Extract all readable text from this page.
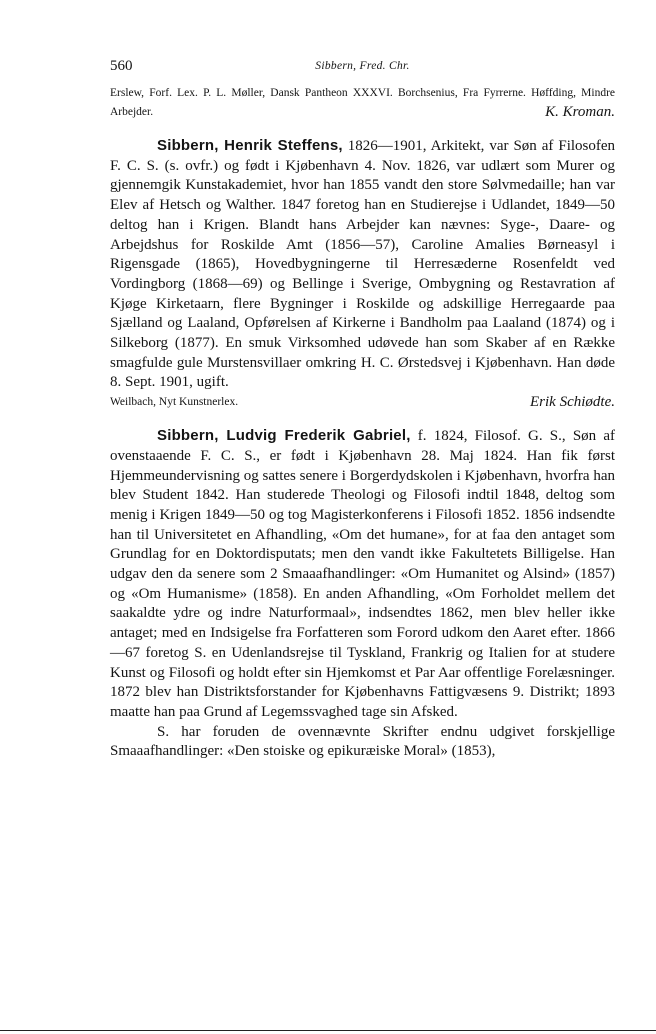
560	Sibbern, Fred. Chr.
Erslew, Forf. Lex. P. L. Møller, Dansk Pantheon XXXVI. Borchsenius, Fra Fyrrerne. Høffding, Mindre Arbejder.	K. Kroman.

Sibbern, Henrik Steffens, 1826—1901, Arkitekt, var Søn af Filosofen F. C. S. (s. ovfr.) og født i Kjøbenhavn 4. Nov. 1826, var udlært som Murer og gjennemgik Kunstakademiet, hvor han 1855 vandt den store Sølvmedaille; han var Elev af Hetsch og Walther. 1847 foretog han en Studierejse i Udlandet, 1849—50 deltog han i Krigen. Blandt hans Arbejder kan nævnes: Syge-, Daare- og Arbejdshus for Roskilde Amt (1856—57), Caroline Amalies Børneasyl i Rigensgade (1865), Hovedbygningerne til Herresæderne Rosenfeldt ved Vordingborg (1868—69) og Bellinge i Sverige, Ombygning og Restavration af Kjøge Kirketaarn, flere Bygninger i Roskilde og adskillige Herregaarde paa Sjælland og Laaland, Opførelsen af Kirkerne i Bandholm paa Laaland (1874) og i Silkeborg (1877). En smuk Virksomhed udøvede han som Skaber af en Række smagfulde gule Murstensvillaer omkring H. C. Ørstedsvej i Kjøbenhavn. Han døde 8. Sept. 1901, ugift.

Weilbach, Nyt Kunstnerlex.	Erik Schiødte.

Sibbern, Ludvig Frederik Gabriel, f. 1824, Filosof. G. S., Søn af ovenstaaende F. C. S., er født i Kjøbenhavn 28. Maj 1824. Han fik først Hjemmeundervisning og sattes senere i Borgerdydskolen i Kjøbenhavn, hvorfra han blev Student 1842. Han studerede Theologi og Filosofi indtil 1848, deltog som menig i Krigen 1849—50 og tog Magisterkonferens i Filosofi 1852. 1856 indsendte han til Universitetet en Afhandling, «Om det humane», for at faa den antaget som Grundlag for en Doktordisputats; men den vandt ikke Fakultetets Billigelse. Han udgav den da senere som 2 Smaaafhandlinger: «Om Humanitet og Alsind» (1857) og «Om Humanisme» (1858). En anden Afhandling, «Om Forholdet mellem det saakaldte ydre og indre Naturformaal», indsendtes 1862, men blev heller ikke antaget; med en Indsigelse fra Forfatteren som Forord udkom den Aaret efter. 1866—67 foretog S. en Udenlandsrejse til Tyskland, Frankrig og Italien for at studere Kunst og Filosofi og holdt efter sin Hjemkomst et Par Aar offentlige Forelæsninger. 1872 blev han Distriktsforstander for Kjøbenhavns Fattigvæsens 9. Distrikt; 1893 maatte han paa Grund af Legemssvaghed tage sin Afsked.

S. har foruden de ovennævnte Skrifter endnu udgivet forskjellige Smaaafhandlinger: «Den stoiske og epikuræiske Moral» (1853),
